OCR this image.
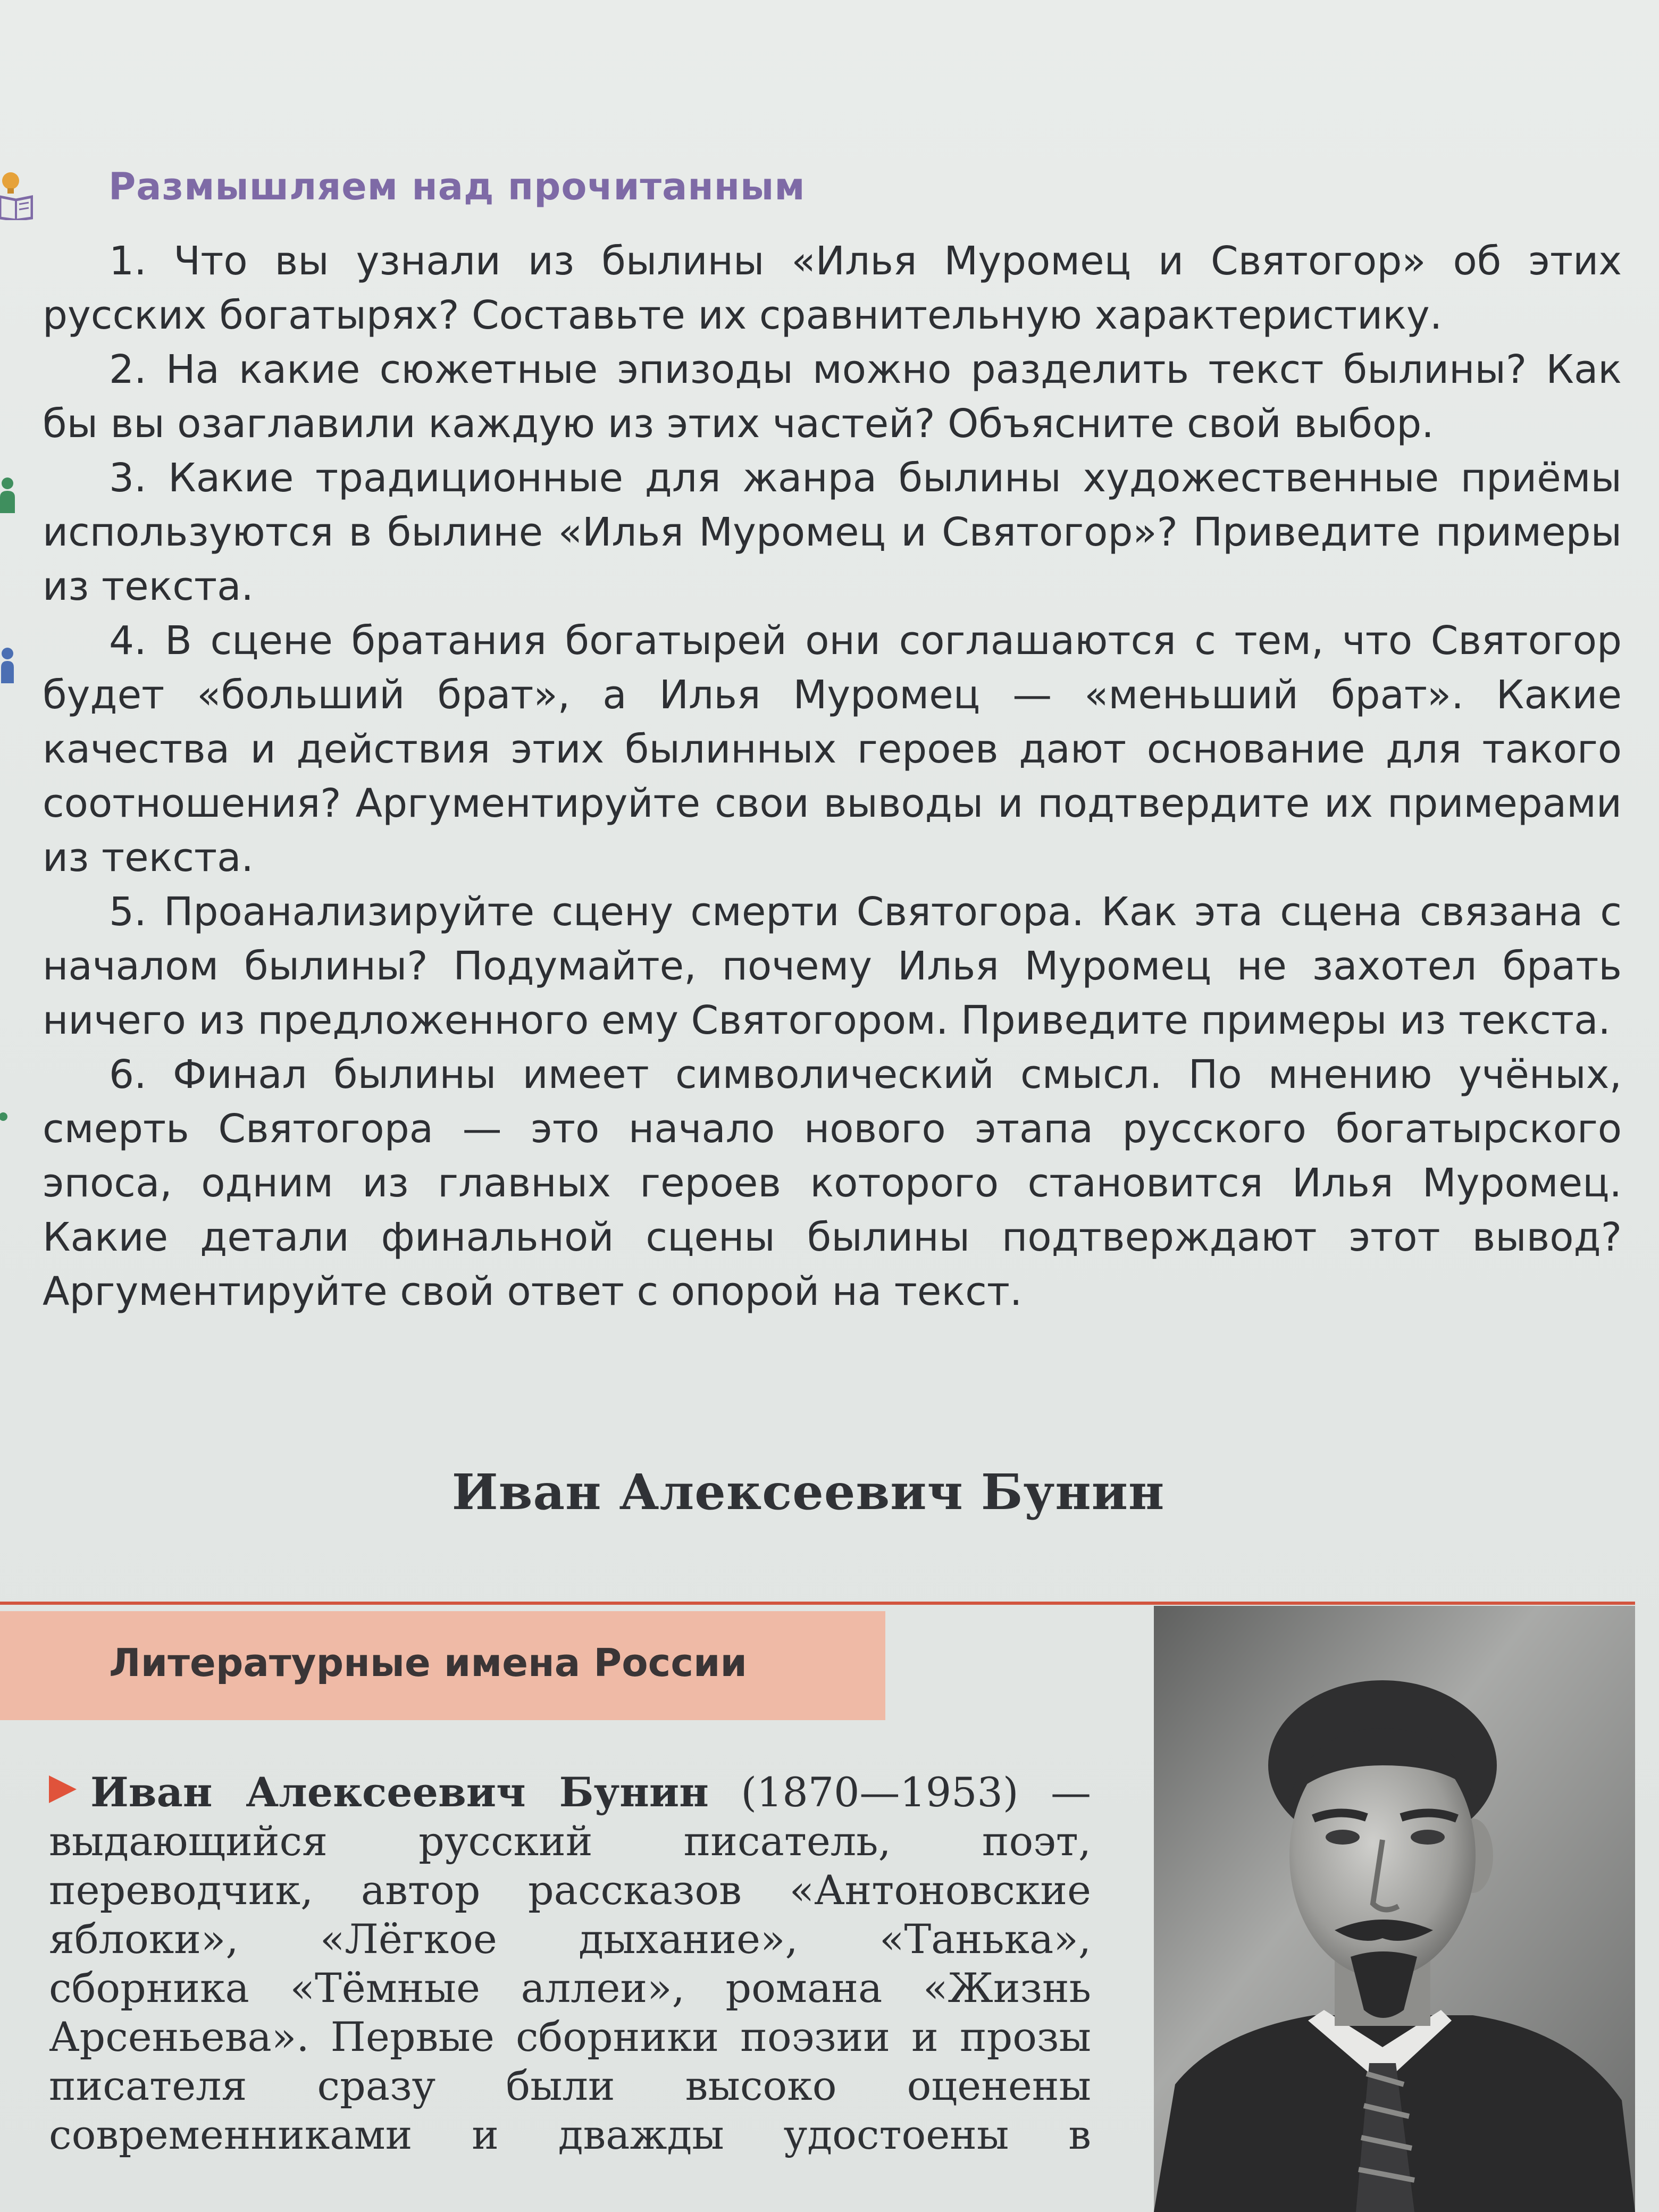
Размышляем над прочитанным

1. Что вы узнали из былины «Илья Муромец и Святогор» об этих русских богатырях? Составьте их сравнительную характеристику.

2. На какие сюжетные эпизоды можно разделить текст былины? Как бы вы озаглавили каждую из этих частей? Объясните свой выбор.

3. Какие традиционные для жанра былины художественные приёмы используются в былине «Илья Муромец и Святогор»? Приведите примеры из текста.

4. В сцене братания богатырей они соглашаются с тем, что Святогор будет «больший брат», а Илья Муромец — «меньший брат». Какие качества и действия этих былинных героев дают основание для такого соотношения? Аргументируйте свои выводы и подтвердите их примерами из текста.

5. Проанализируйте сцену смерти Святогора. Как эта сцена связана с началом былины? Подумайте, почему Илья Муромец не захотел брать ничего из предложенного ему Святогором. Приведите примеры из текста.

6. Финал былины имеет символический смысл. По мнению учёных, смерть Святогора — это начало нового этапа русского богатырского эпоса, одним из главных героев которого становится Илья Муромец. Какие детали финальной сцены былины подтверждают этот вывод? Аргументируйте свой ответ с опорой на текст.

Иван Алексеевич Бунин
Литературные имена России
Иван Алексеевич Бунин (1870—1953) — выдающийся русский писатель, поэт, переводчик, автор рассказов «Антоновские яблоки», «Лёгкое дыхание», «Танька», сборника «Тёмные аллеи», романа «Жизнь Арсеньева». Первые сборники поэзии и прозы писателя сразу были высоко оценены современниками и дважды удостоены в
